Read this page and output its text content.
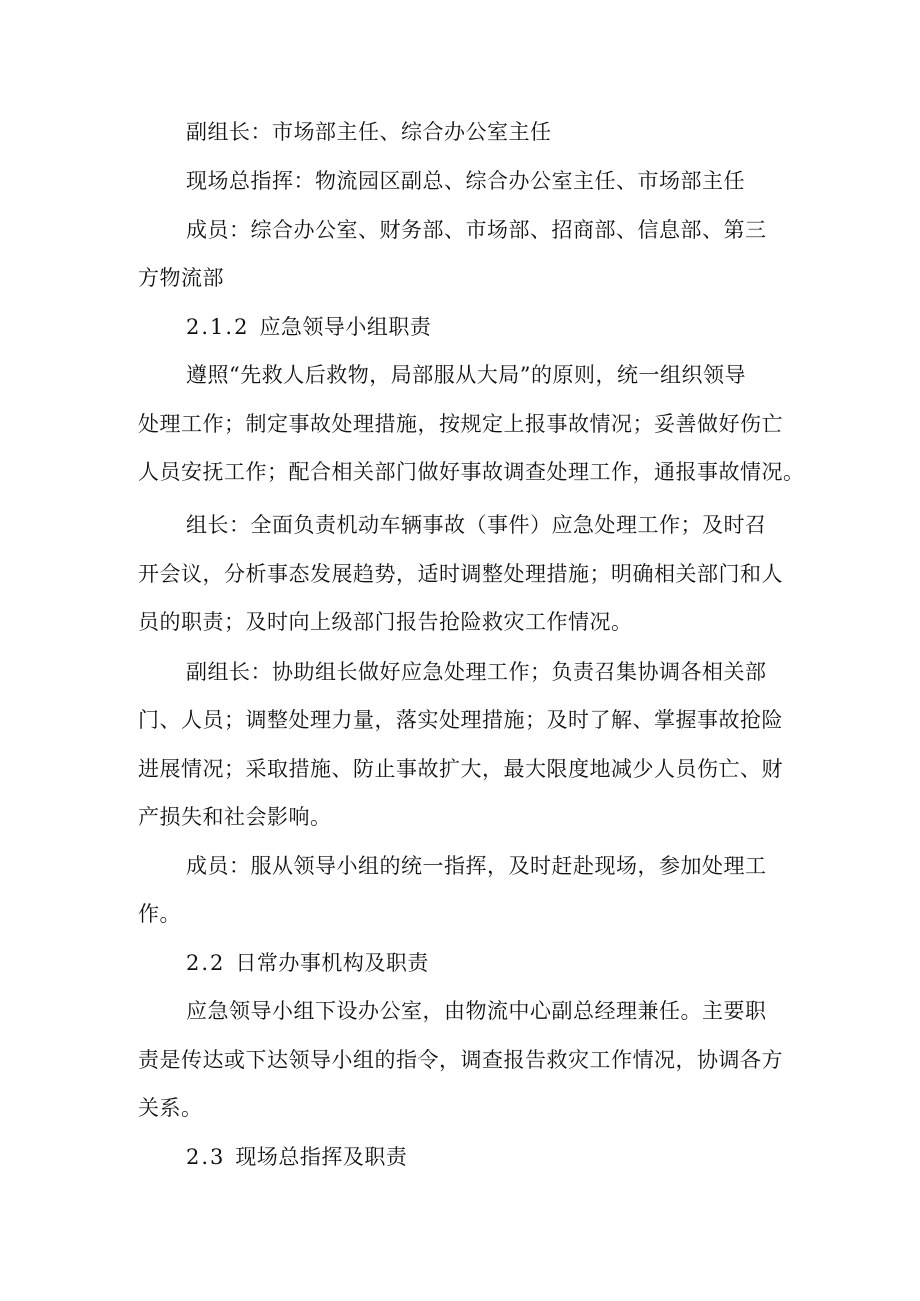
副组长：市场部主任、综合办公室主任
现场总指挥：物流园区副总、综合办公室主任、市场部主任
成员：综合办公室、财务部、市场部、招商部、信息部、第三
方物流部
2.1.2 应急领导小组职责
遵照“先救人后救物，局部服从大局”的原则，统一组织领导
处理工作；制定事故处理措施，按规定上报事故情况；妥善做好伤亡
人员安抚工作；配合相关部门做好事故调查处理工作，通报事故情况。
组长：全面负责机动车辆事故（事件）应急处理工作；及时召
开会议，分析事态发展趋势，适时调整处理措施；明确相关部门和人
员的职责；及时向上级部门报告抢险救灾工作情况。
副组长：协助组长做好应急处理工作；负责召集协调各相关部
门、人员；调整处理力量，落实处理措施；及时了解、掌握事故抢险
进展情况；采取措施、防止事故扩大，最大限度地减少人员伤亡、财
产损失和社会影响。
成员：服从领导小组的统一指挥，及时赶赴现场，参加处理工
作。
2.2 日常办事机构及职责
应急领导小组下设办公室，由物流中心副总经理兼任。主要职
责是传达或下达领导小组的指令，调查报告救灾工作情况，协调各方
关系。
2.3 现场总指挥及职责
